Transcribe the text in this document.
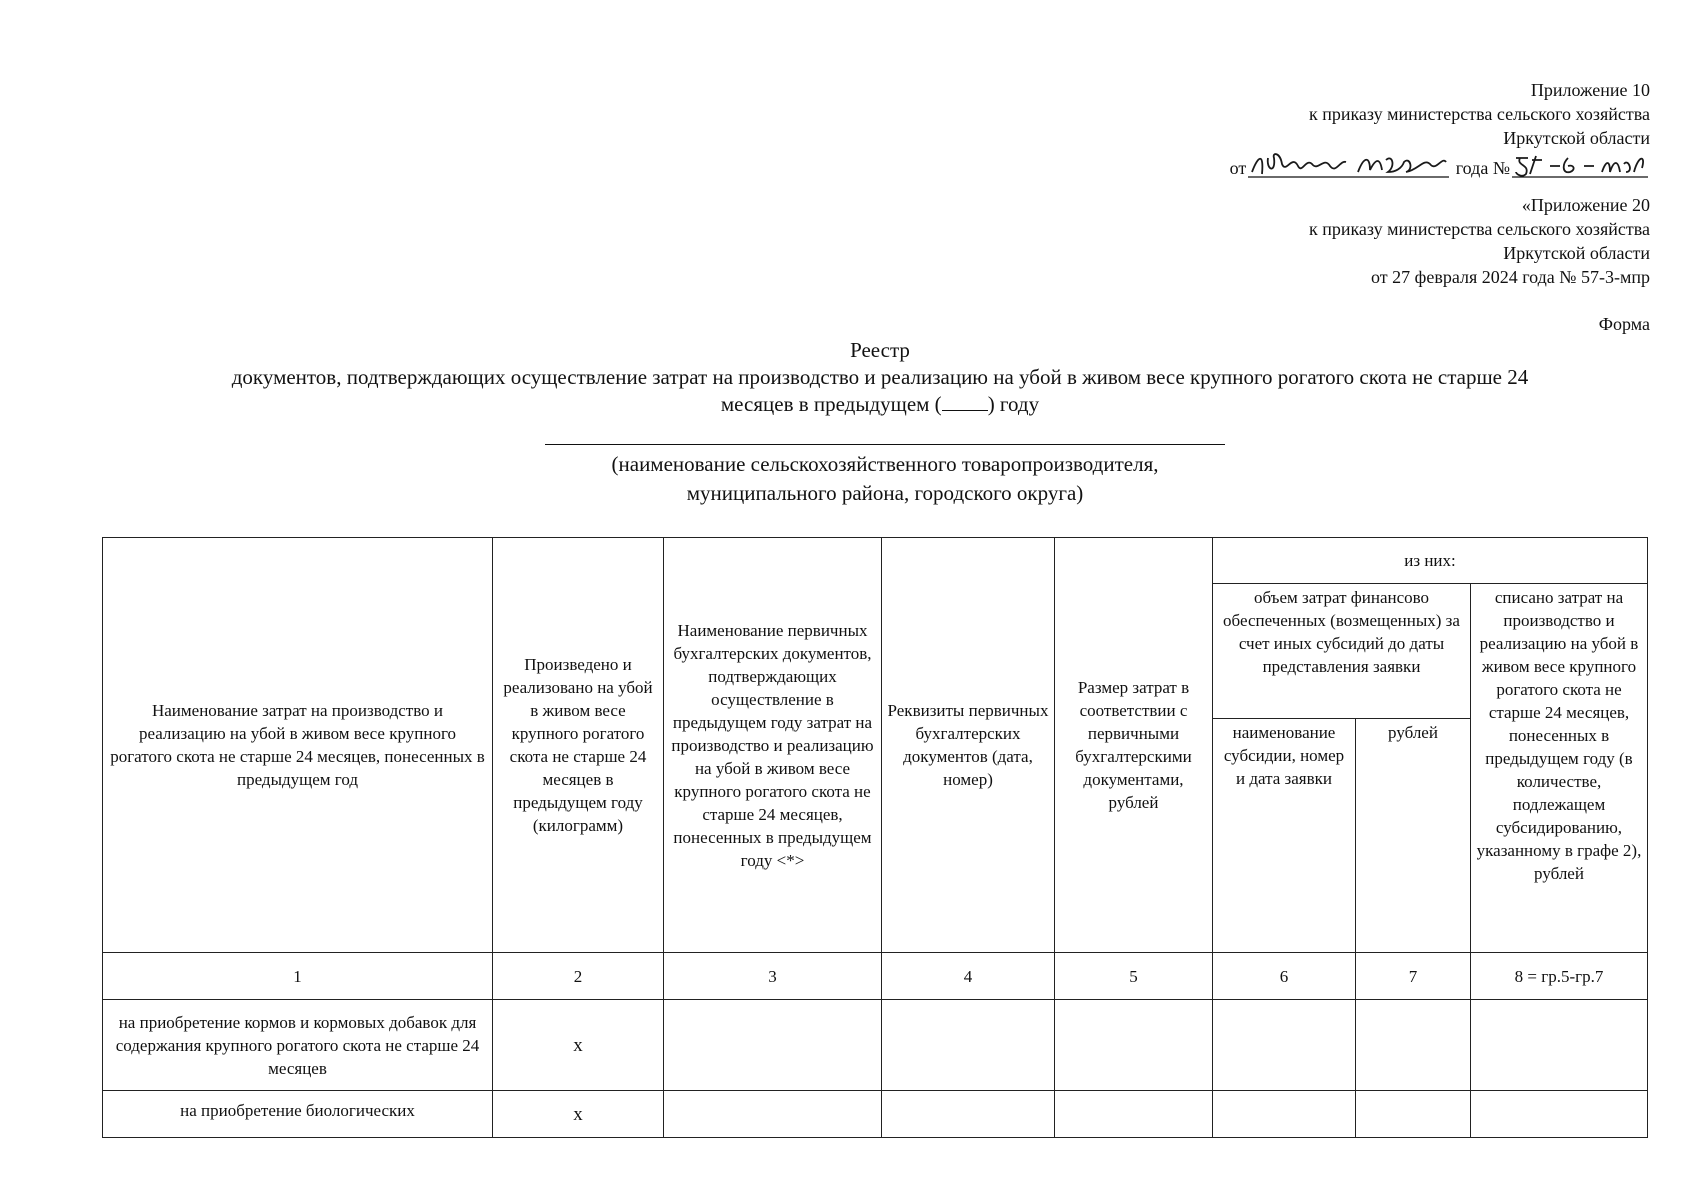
Приложение 10
к приказу министерства сельского хозяйства
Иркутской области
от	года №
«Приложение 20
к приказу министерства сельского хозяйства
Иркутской области
от 27 февраля 2024 года № 57-3-мпр
Форма
Реестр
документов, подтверждающих осуществление затрат на производство и реализацию на убой в живом весе крупного рогатого скота не старше 24
месяцев в предыдущем ( ) году
(наименование сельскохозяйственного товаропроизводителя,
муниципального района, городского округа)
Наименование затрат на производство и реализацию на убой в живом весе крупного рогатого скота не старше 24 месяцев, понесенных в предыдущем год	Произведено и реализовано на убой в живом весе крупного рогатого скота не старше 24 месяцев в предыдущем году (килограмм)	Наименование первичных бухгалтерских документов, подтверждающих осуществление в предыдущем году затрат на производство и реализацию на убой в живом весе крупного рогатого скота не старше 24 месяцев, понесенных в предыдущем году <*>	Реквизиты первичных бухгалтерских документов (дата, номер)	Размер затрат в соответствии с первичными бухгалтерскими документами, рублей	из них:		
					объем затрат финансово обеспеченных (возмещенных) за счет иных субсидий до даты представления заявки		списано затрат на производство и реализацию на убой в живом весе крупного рогатого скота не старше 24 месяцев, понесенных в предыдущем году (в количестве, подлежащем субсидированию, указанному в графе 2), рублей
					наименование субсидии, номер и дата заявки	рублей	
1	2	3	4	5	6	7	8 = гр.5-гр.7
на приобретение кормов и кормовых добавок для содержания крупного рогатого скота не старше 24 месяцев	x						
на приобретение биологических	x						
